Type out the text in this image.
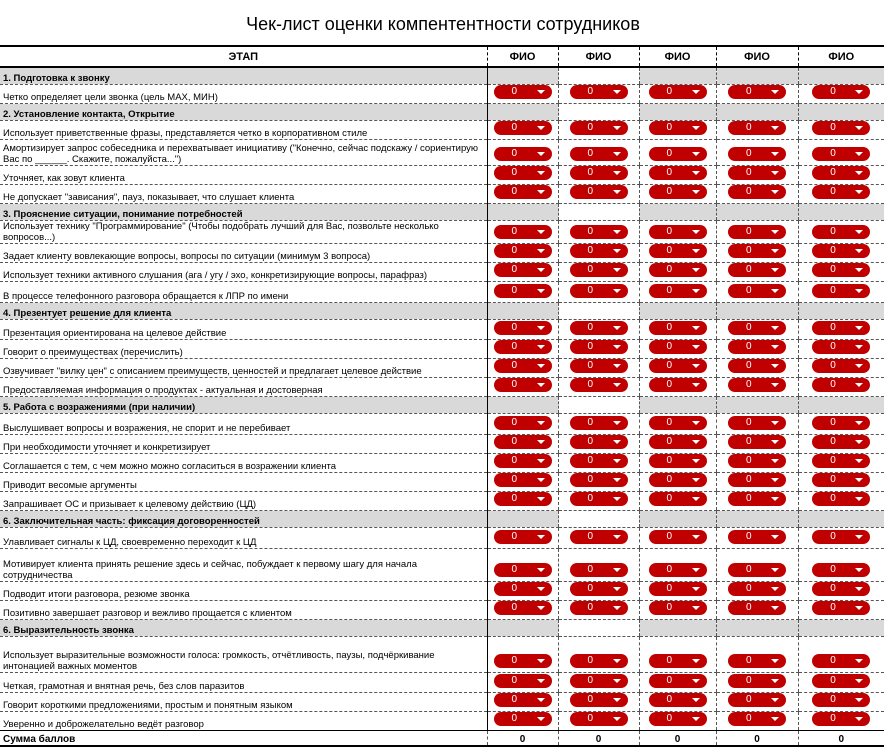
Чек-лист оценки компентентности сотрудников
ЭТАП	ФИО	ФИО	ФИО	ФИО	ФИО
1. Подготовка к звонку					
Четко определяет цели звонка (цель МАХ, МИН)	0	0	0	0	0

2. Установление контакта, Открытие					
Использует приветственные фразы, представляется четко в корпоративном стиле	0	0	0	0	0

Амортизирует запрос собеседника и перехватывает инициативу ("Конечно, сейчас подскажу / сориентирую Вас по ______. Скажите, пожалуйста...")	0	0	0	0	0

Уточняет, как зовут клиента	0	0	0	0	0

Не допускает "зависания", пауз, показывает, что слушает клиента	0	0	0	0	0

3. Прояснение ситуации, понимание потребностей					
Использует технику "Программирование" (Чтобы подобрать лучший для Вас, позвольте несколько вопросов...)	0	0	0	0	0

Задает клиенту вовлекающие вопросы, вопросы по ситуации (минимум 3 вопроса)	0	0	0	0	0

Использует техники активного слушания (ага / угу / эхо, конкретизирующие вопросы, парафраз)	0	0	0	0	0

В процессе телефонного разговора обращается к ЛПР по имени	0	0	0	0	0

4. Презентует решение для клиента					
Презентация ориентирована на целевое действие	0	0	0	0	0

Говорит о преимуществах (перечислить)	0	0	0	0	0

Озвучивает "вилку цен" с описанием преимуществ, ценностей и предлагает целевое действие	0	0	0	0	0

Предоставляемая информация о продуктах - актуальная и достоверная	0	0	0	0	0

5. Работа с возражениями (при наличии)					
Выслушивает вопросы и возражения, не спорит и не перебивает	0	0	0	0	0

При необходимости уточняет и конкретизирует	0	0	0	0	0

Соглашается с тем, с чем можно можно согласиться в возражении клиента	0	0	0	0	0

Приводит весомые аргументы	0	0	0	0	0

Запрашивает ОС и призывает к целевому действию (ЦД)	0	0	0	0	0

6. Заключительная часть: фиксация договоренностей					
Улавливает сигналы к ЦД, своевременно переходит к ЦД	0	0	0	0	0

Мотивирует клиента принять решение здесь и сейчас, побуждает к первому шагу для начала сотрудничества	0	0	0	0	0

Подводит итоги разговора, резюме звонка	0	0	0	0	0

Позитивно завершает разговор и вежливо прощается с клиентом	0	0	0	0	0

6. Выразительность звонка					
Использует выразительные возможности голоса: громкость, отчётливость, паузы, подчёркивание интонацией важных моментов	0	0	0	0	0

Четкая, грамотная и внятная речь, без слов паразитов	0	0	0	0	0

Говорит короткими предложениями, простым и понятным языком	0	0	0	0	0

Уверенно и доброжелательно ведёт разговор	0	0	0	0	0

Сумма баллов	0	0	0	0	0
